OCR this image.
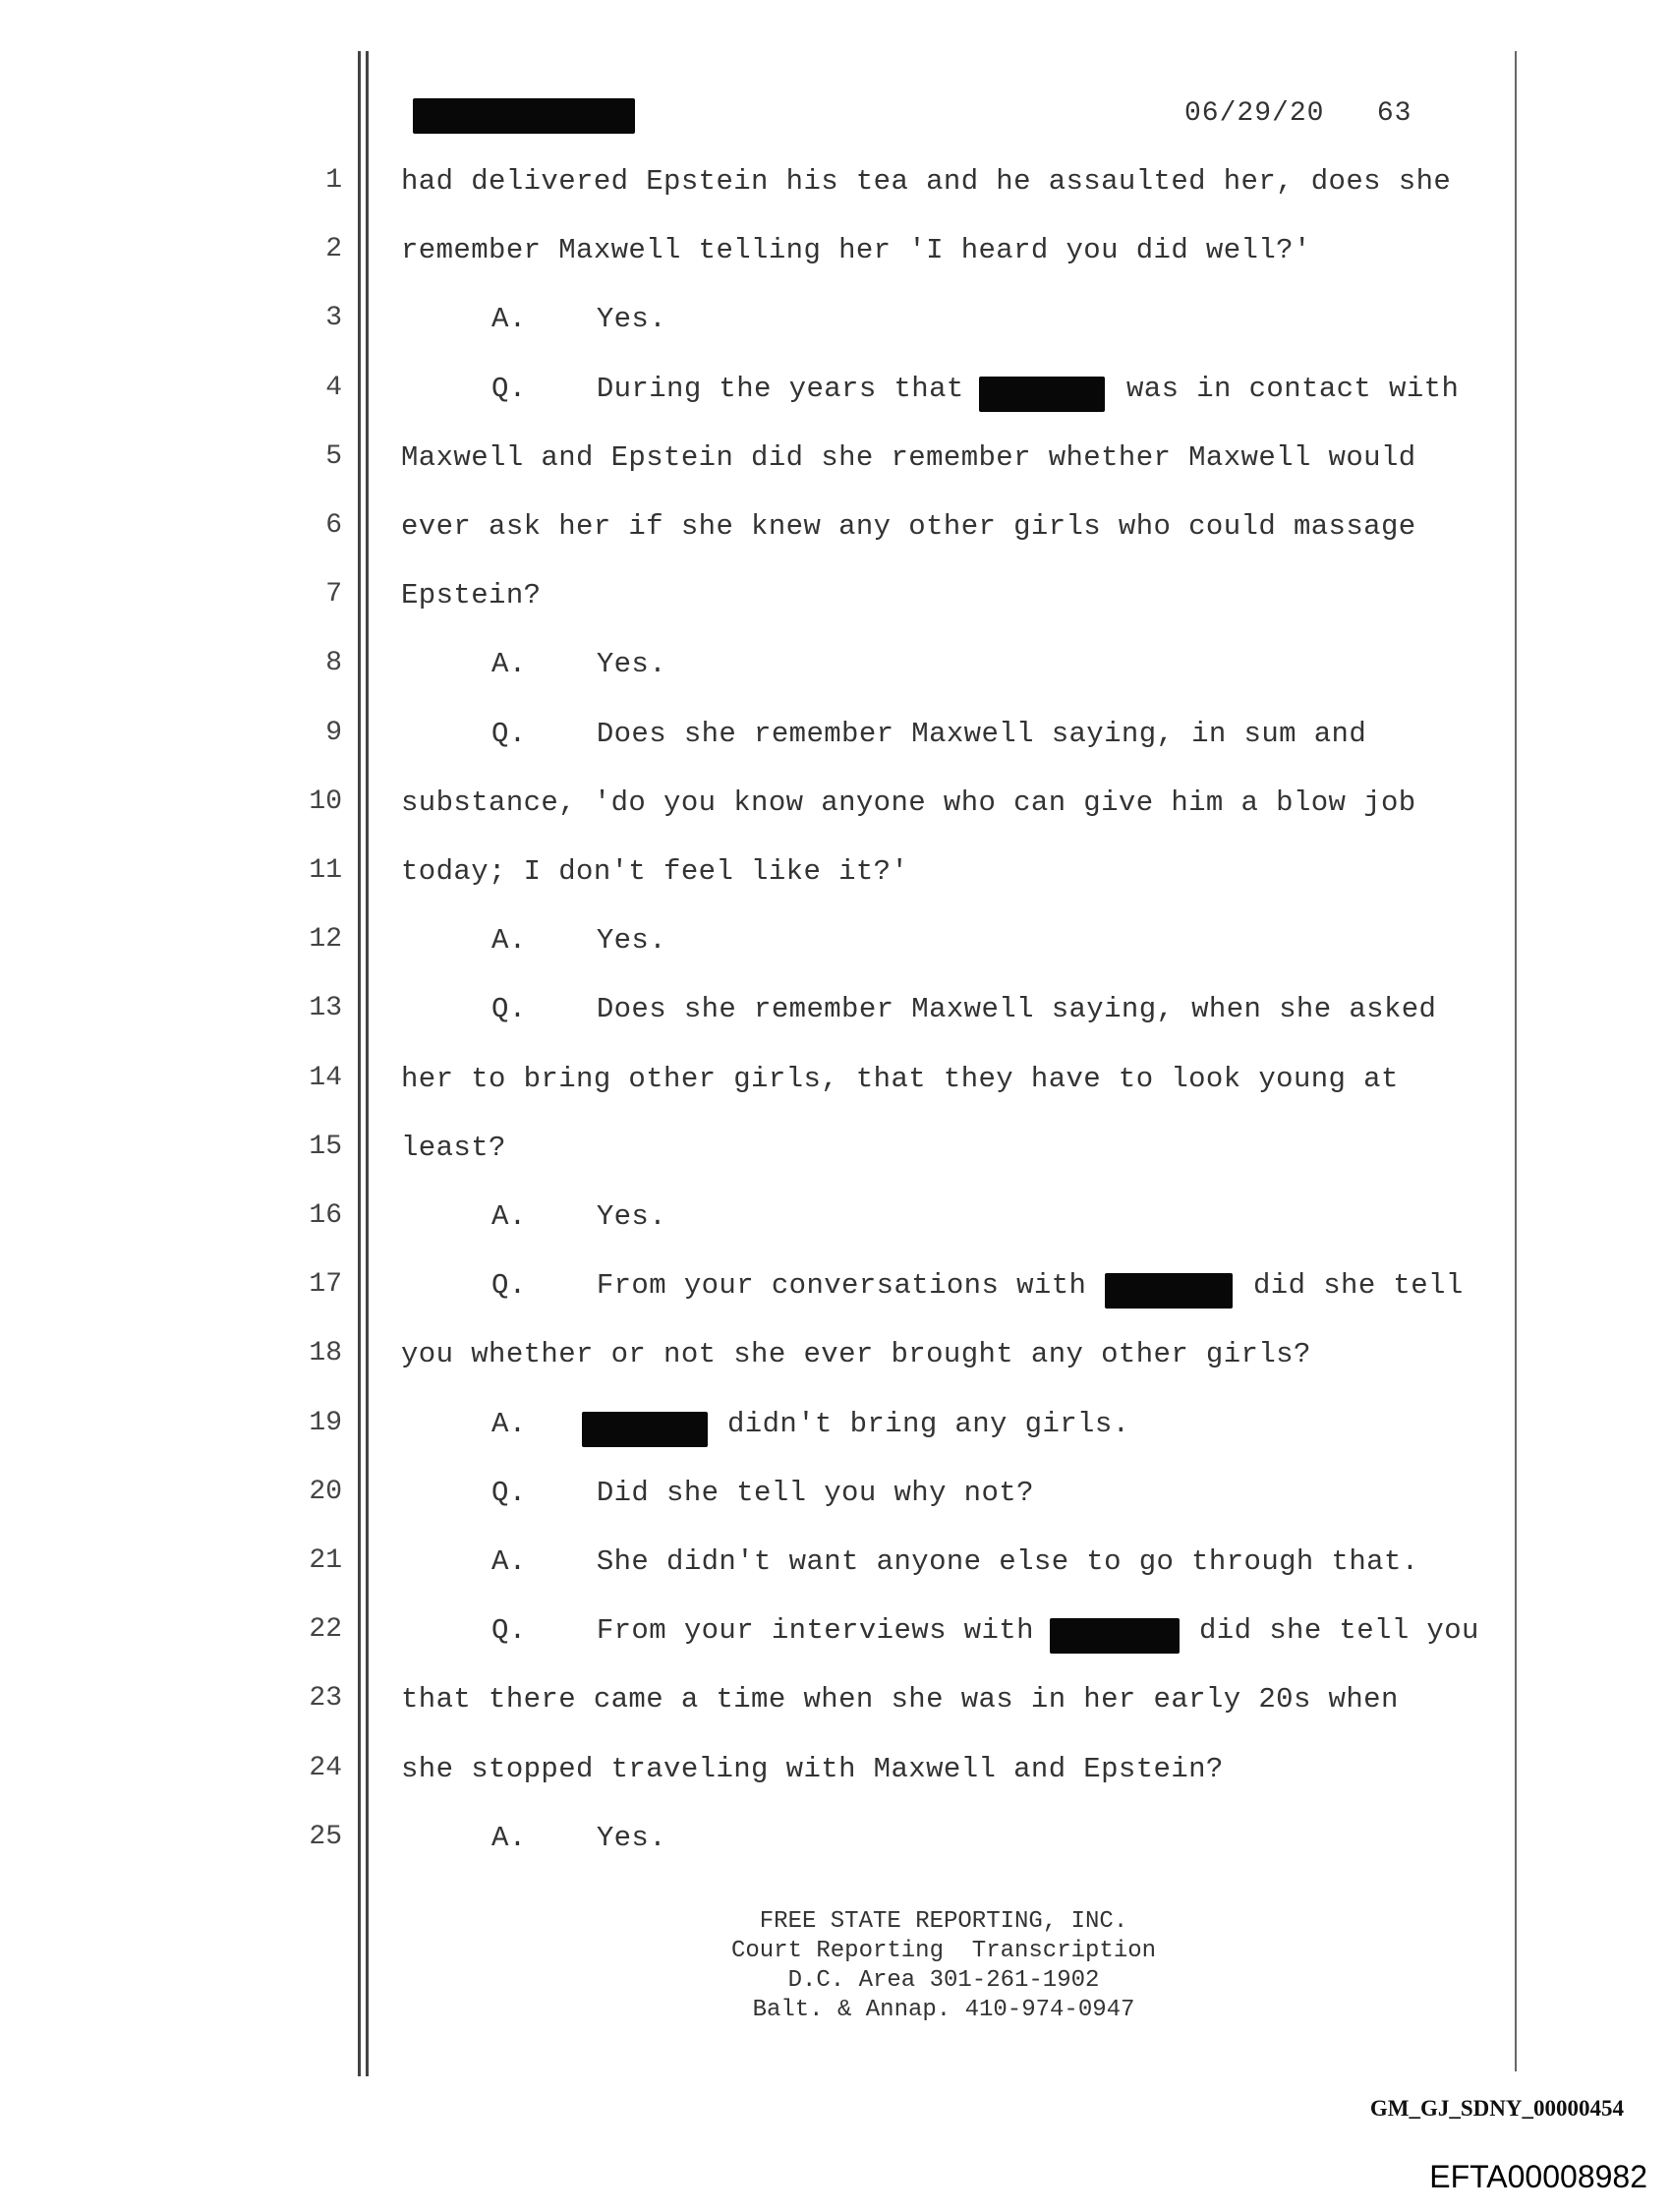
06/29/20   63
1 had delivered Epstein his tea and he assaulted her, does she
2 remember Maxwell telling her 'I heard you did well?'
3	A.    Yes.
4	Q.    During the years that	was in contact with
5 Maxwell and Epstein did she remember whether Maxwell would
6 ever ask her if she knew any other girls who could massage
7 Epstein?
8	A.    Yes.
9	Q.    Does she remember Maxwell saying, in sum and
10 substance, 'do you know anyone who can give him a blow job
11 today; I don't feel like it?'
12	A.    Yes.
13	Q.    Does she remember Maxwell saying, when she asked
14 her to bring other girls, that they have to look young at
15 least?
16	A.    Yes.
17	Q.    From your conversations with	did she tell
18 you whether or not she ever brought any other girls?
19	A.	didn't bring any girls.
20	Q.    Did she tell you why not?
21	A.    She didn't want anyone else to go through that.
22	Q.    From your interviews with	did she tell you
23 that there came a time when she was in her early 20s when
24 she stopped traveling with Maxwell and Epstein?
25	A.    Yes.
FREE STATE REPORTING, INC.
Court Reporting  Transcription
D.C. Area 301-261-1902
Balt. & Annap. 410-974-0947
GM_GJ_SDNY_00000454
EFTA00008982
